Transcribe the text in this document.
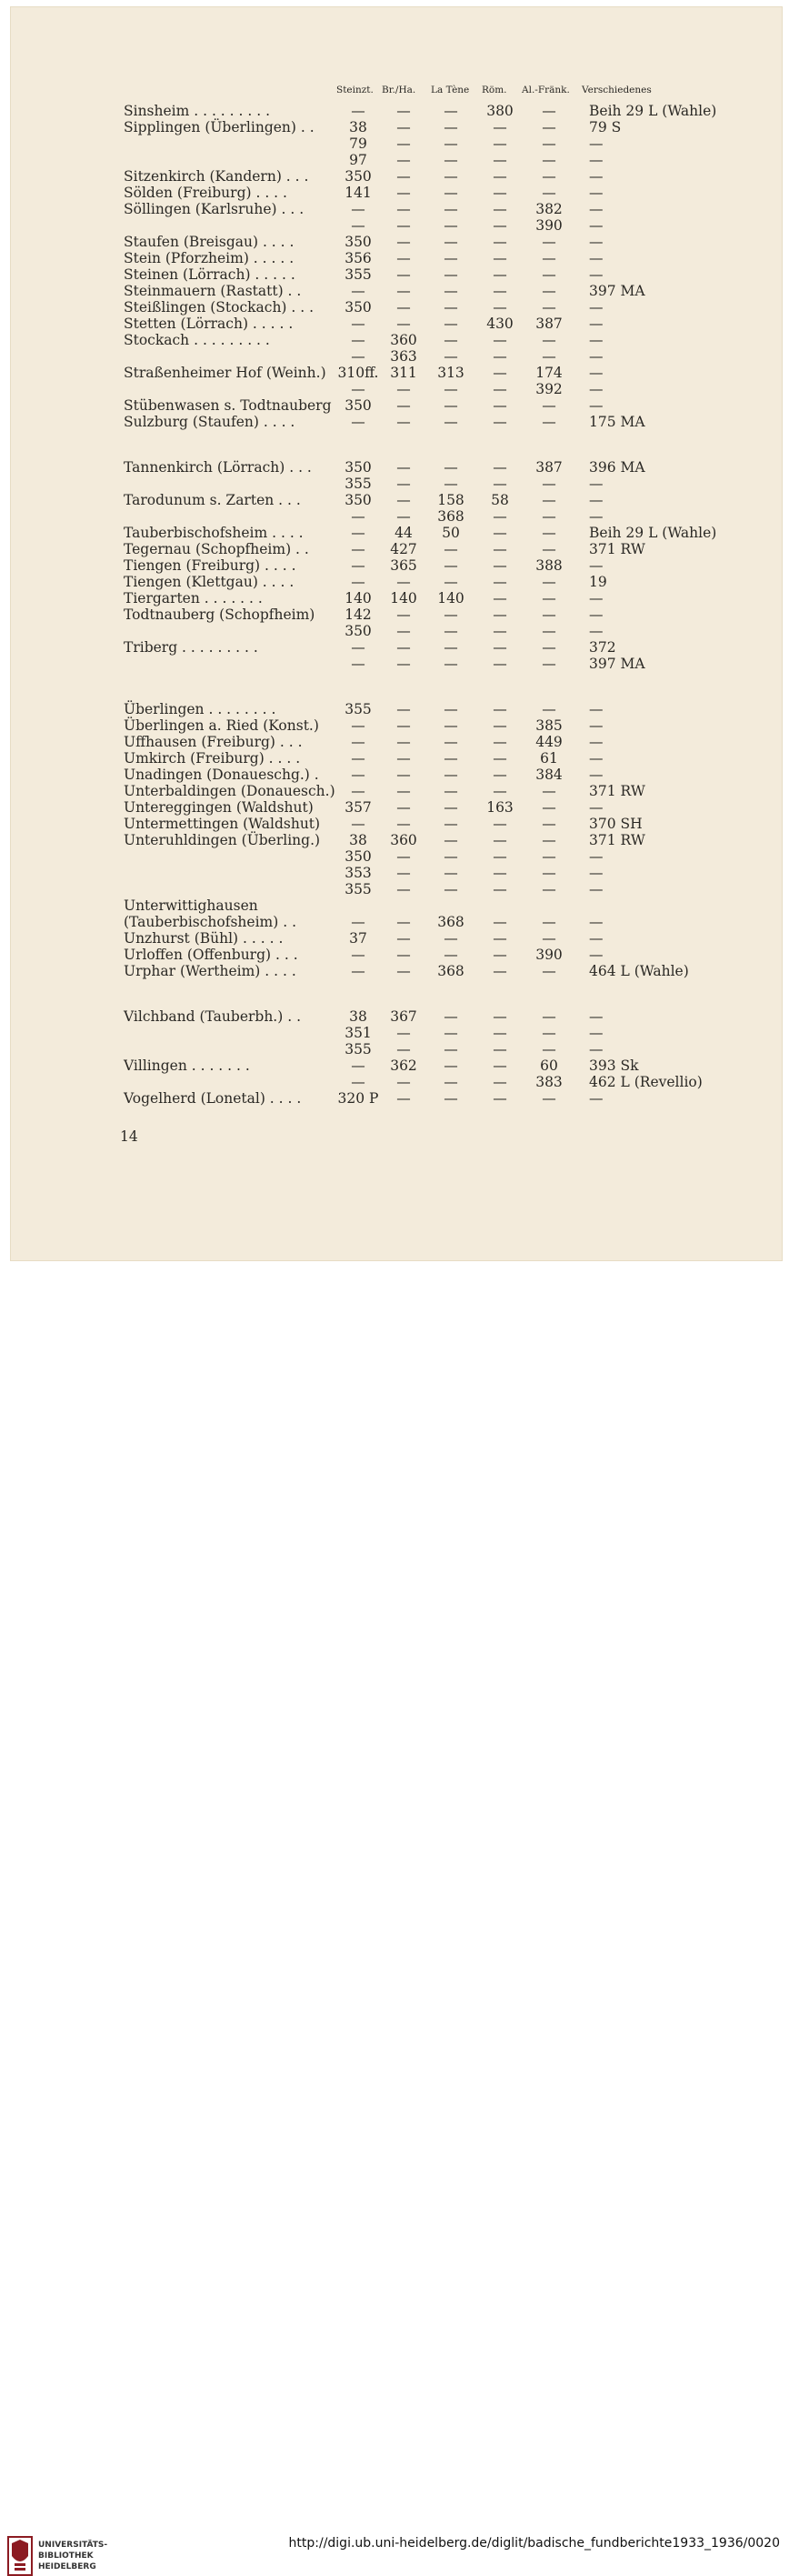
Steinzt. Br./Ha. La Tène Röm. Al.-Fränk. Verschiedenes
Sinsheim . . . . . . . . .	— — — 380 — Beih 29 L (Wahle)
Sipplingen (Überlingen) . . 38 — — — — 79 S
79 — — — — —
97 — — — — —
Sitzenkirch (Kandern) . . .	350 — — — — —
Sölden (Freiburg) . . . .	141 — — — — —
Söllingen (Karlsruhe) . . .	— — — — 382 —
— — — — 390 —
Staufen (Breisgau) . . . .	350 — — — — —
Stein (Pforzheim) . . . . .	356 — — — — —
Steinen (Lörrach) . . . . .	355 — — — — —
Steinmauern (Rastatt) . .	— — — — — 397 MA
Steißlingen (Stockach) . . . 350 — — — — —
Stetten (Lörrach) . . . . .	— — — 430 387 —
Stockach . . . . . . . . .	— 360 — — — —
— 363 — — — —
Straßenheimer Hof (Weinh.) 310ff. 311 313 — 174 —
— — — — 392 —
Stübenwasen s. Todtnauberg 350 — — — — —
Sulzburg (Staufen) . . . .	— — — — — 175 MA
Tannenkirch (Lörrach) . . . 350 — — — 387 396 MA
355 — — — — —
Tarodunum s. Zarten . . .	350 — 158 58 — —
— — 368 — — —
Tauberbischofsheim . . . .	— 44 50 — — Beih 29 L (Wahle)
Tegernau (Schopfheim) . .	— 427 — — — 371 RW
Tiengen (Freiburg) . . . .	— 365 — — 388 —
Tiengen (Klettgau) . . . .	— — — — — 19
Tiergarten . . . . . . .	140 140 140 — — —
Todtnauberg (Schopfheim) 142 — — — — —
350 — — — — —
Triberg . . . . . . . . .	— — — — — 372
— — — — — 397 MA
Überlingen . . . . . . . .	355 — — — — —
Überlingen a. Ried (Konst.) — — — — 385 —
Uffhausen (Freiburg) . . .	— — — — 449 —
Umkirch (Freiburg) . . . .	— — — — 61 —
Unadingen (Donaueschg.) . — — — — 384 —
Unterbaldingen (Donauesch.) — — — — — 371 RW
Untereggingen (Waldshut) 357 — — 163 — —
Untermettingen (Waldshut) — — — — — 370 SH
Unteruhldingen (Überling.) 38 360 — — — 371 RW
350 — — — — —
353 — — — — —
355 — — — — —
Unterwittighausen
(Tauberbischofsheim) . .	— — 368 — — —
Unzhurst (Bühl) . . . . .	37 — — — — —
Urloffen (Offenburg) . . .	— — — — 390 —
Urphar (Wertheim) . . . .	— — 368 — — 464 L (Wahle)
Vilchband (Tauberbh.) . .	38 367 — — — —
351 — — — — —
355 — — — — —
Villingen . . . . . . .	— 362 — — 60 393 Sk
— — — — 383 462 L (Revellio)
Vogelherd (Lonetal) . . . .	320 P — — — — —
14
UNIVERSITÄTS-
BIBLIOTHEK
HEIDELBERG
http://digi.ub.uni-heidelberg.de/diglit/badische_fundberichte1933_1936/0020
